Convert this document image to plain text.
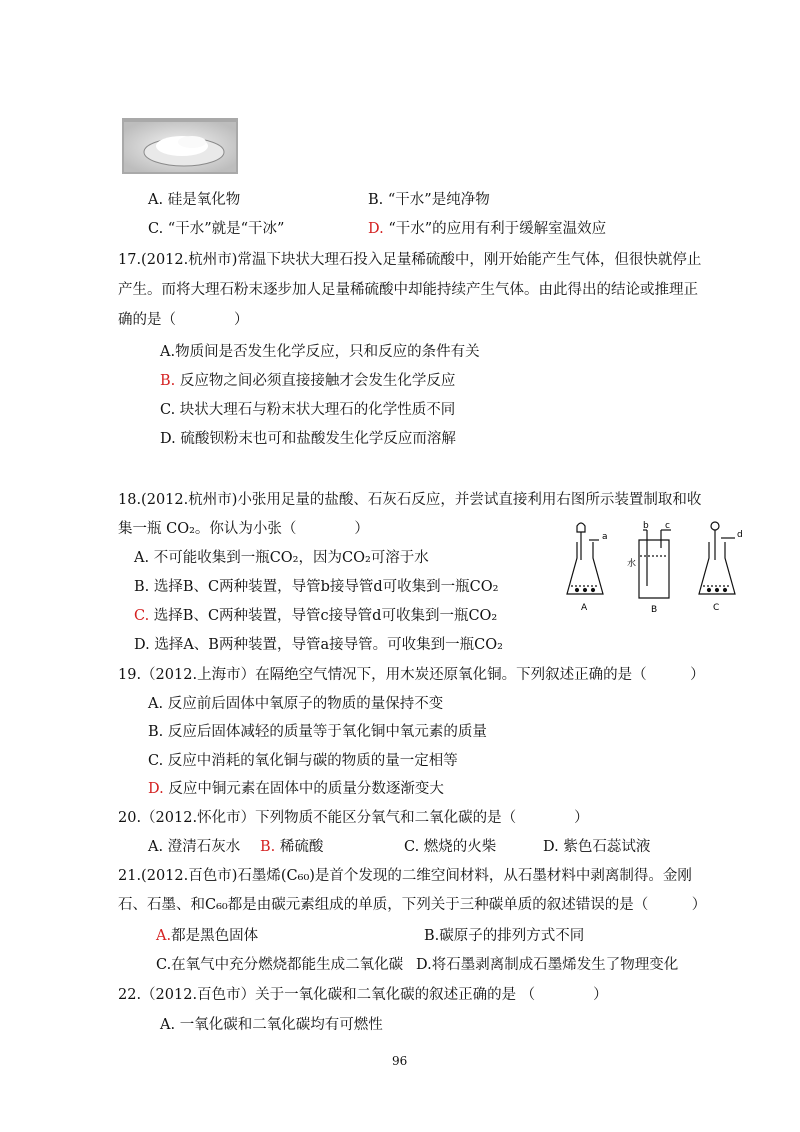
A. 硅是氧化物	B. “干水”是纯净物
C. “干水”就是“干冰”	D. “干水”的应用有利于缓解室温效应
17.(2012.杭州市)常温下块状大理石投入足量稀硫酸中，刚开始能产生气体，但很快就停止
产生。而将大理石粉末逐步加人足量稀硫酸中却能持续产生气体。由此得出的结论或推理正
确的是（　　　　）
A.物质间是否发生化学反应，只和反应的条件有关
B. 反应物之间必须直接接触才会发生化学反应
C. 块状大理石与粉末状大理石的化学性质不同
D. 硫酸钡粉末也可和盐酸发生化学反应而溶解
18.(2012.杭州市)小张用足量的盐酸、石灰石反应，并尝试直接利用右图所示装置制取和收
集一瓶 CO₂。你认为小张（　　　　）
A. 不可能收集到一瓶CO₂，因为CO₂可溶于水
B. 选择B、C两种装置，导管b接导管d可收集到一瓶CO₂
C. 选择B、C两种装置，导管c接导管d可收集到一瓶CO₂
D. 选择A、B两种装置，导管a接导管。可收集到一瓶CO₂
a
A
b c
水
B
d
C
19.（2012.上海市）在隔绝空气情况下，用木炭还原氧化铜。下列叙述正确的是（　　　）
A. 反应前后固体中氧原子的物质的量保持不变
B. 反应后固体减轻的质量等于氧化铜中氧元素的质量
C. 反应中消耗的氧化铜与碳的物质的量一定相等
D. 反应中铜元素在固体中的质量分数逐渐变大
20.（2012.怀化市）下列物质不能区分氧气和二氧化碳的是（　　　　）
A. 澄清石灰水 B. 稀硫酸	C. 燃烧的火柴	D. 紫色石蕊试液
21.(2012.百色市)石墨烯(C₆₀)是首个发现的二维空间材料，从石墨材料中剥离制得。金刚
石、石墨、和C₆₀都是由碳元素组成的单质，下列关于三种碳单质的叙述错误的是（　　　）
A.都是黑色固体	B.碳原子的排列方式不同
C.在氧气中充分燃烧都能生成二氧化碳 D.将石墨剥离制成石墨烯发生了物理变化
22.（2012.百色市）关于一氧化碳和二氧化碳的叙述正确的是 （　　　　）
A. 一氧化碳和二氧化碳均有可燃性
96
